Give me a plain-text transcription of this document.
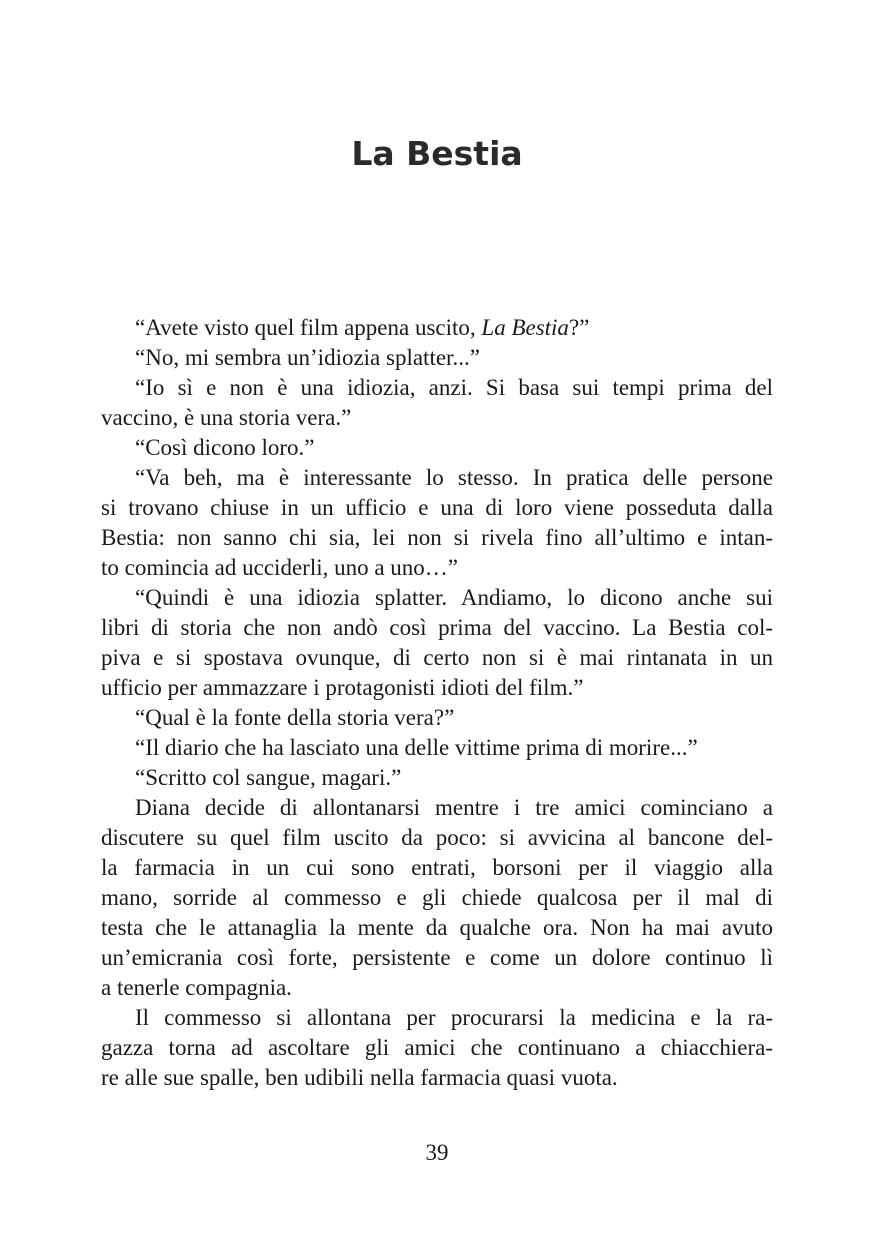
La Bestia
“Avete visto quel film appena uscito, La Bestia?”
“No, mi sembra un’idiozia splatter...”
“Io sì e non è una idiozia, anzi. Si basa sui tempi prima del
vaccino, è una storia vera.”
“Così dicono loro.”
“Va beh, ma è interessante lo stesso. In pratica delle persone
si trovano chiuse in un ufficio e una di loro viene posseduta dalla
Bestia: non sanno chi sia, lei non si rivela fino all’ultimo e intan-
to comincia ad ucciderli, uno a uno…”
“Quindi è una idiozia splatter. Andiamo, lo dicono anche sui
libri di storia che non andò così prima del vaccino. La Bestia col-
piva e si spostava ovunque, di certo non si è mai rintanata in un
ufficio per ammazzare i protagonisti idioti del film.”
“Qual è la fonte della storia vera?”
“Il diario che ha lasciato una delle vittime prima di morire...”
“Scritto col sangue, magari.”
Diana decide di allontanarsi mentre i tre amici cominciano a
discutere su quel film uscito da poco: si avvicina al bancone del-
la farmacia in un cui sono entrati, borsoni per il viaggio alla
mano, sorride al commesso e gli chiede qualcosa per il mal di
testa che le attanaglia la mente da qualche ora. Non ha mai avuto
un’emicrania così forte, persistente e come un dolore continuo lì
a tenerle compagnia.
Il commesso si allontana per procurarsi la medicina e la ra-
gazza torna ad ascoltare gli amici che continuano a chiacchiera-
re alle sue spalle, ben udibili nella farmacia quasi vuota.
39
